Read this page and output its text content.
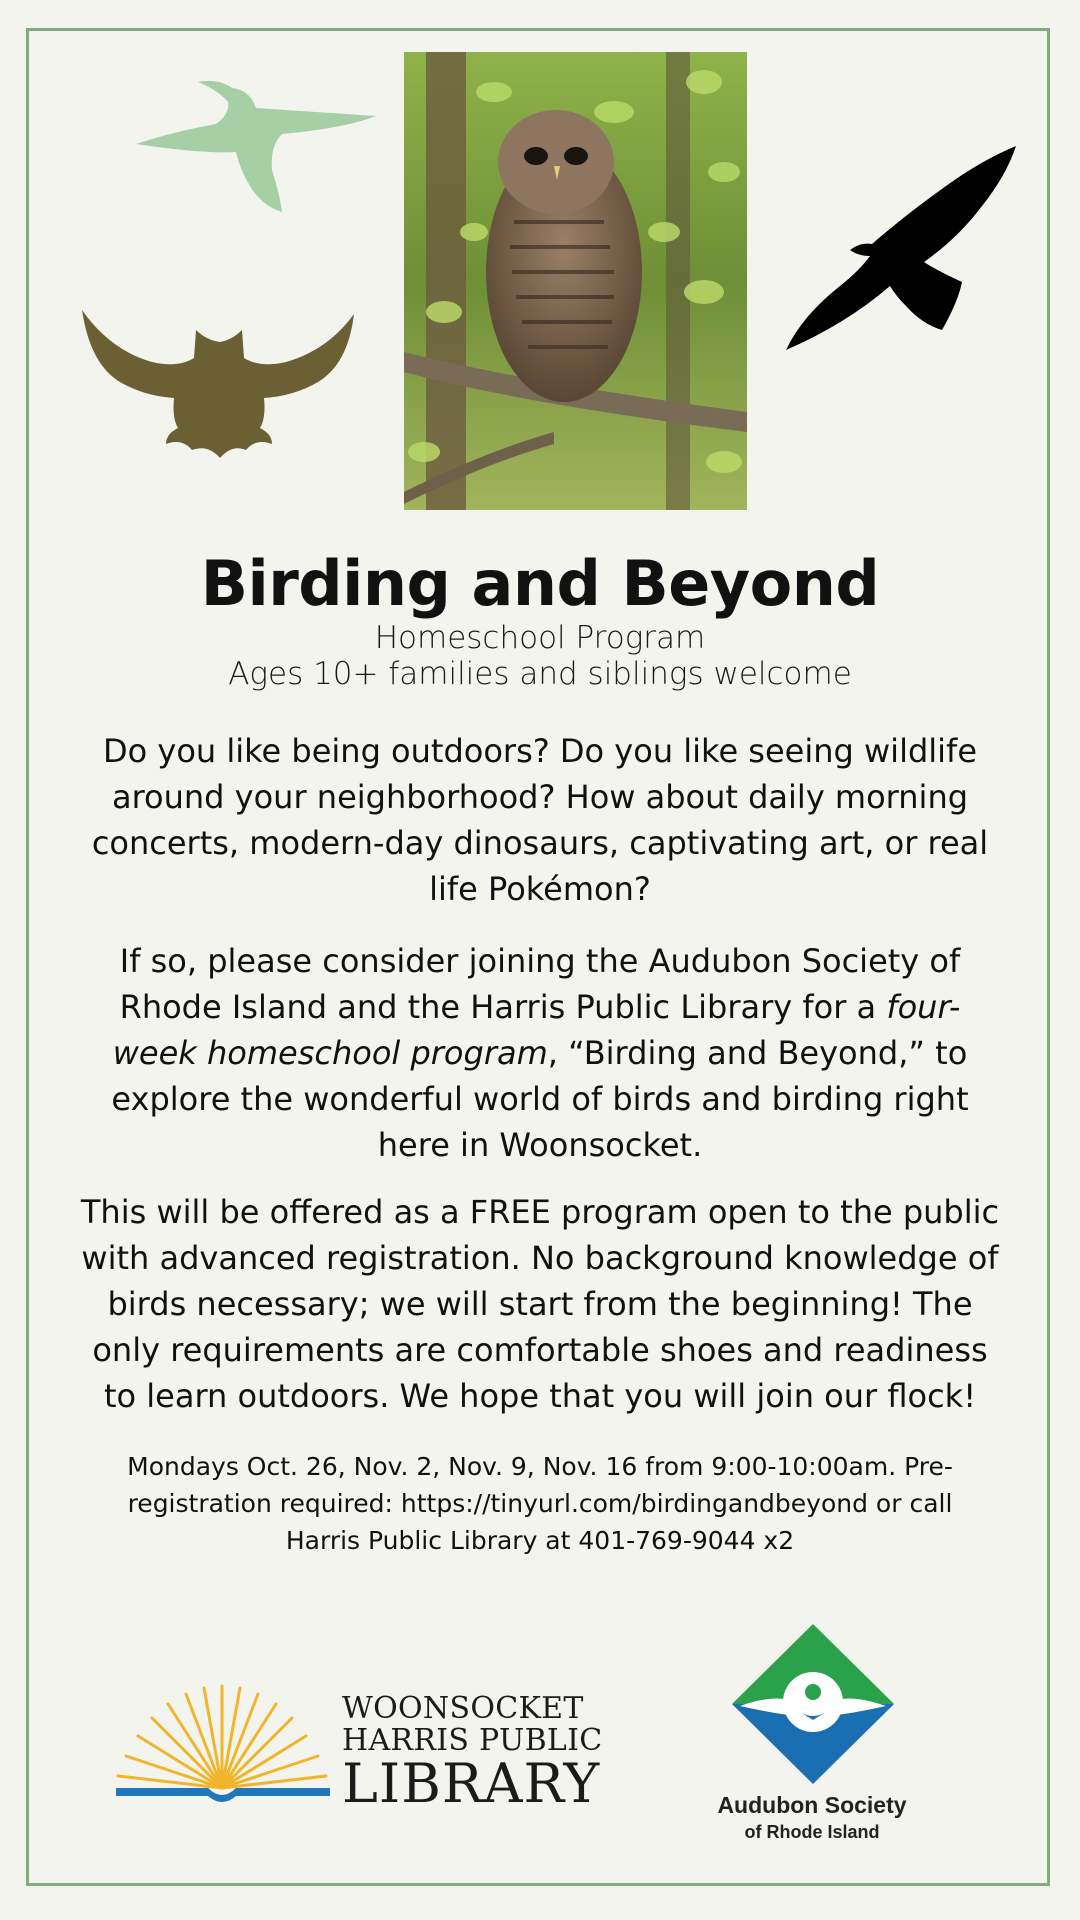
Birding and Beyond
Homeschool Program
Ages 10+ families and siblings welcome

Do you like being outdoors? Do you like seeing wildlife around your neighborhood? How about daily morning concerts, modern-day dinosaurs, captivating art, or real life Pokémon?

If so, please consider joining the Audubon Society of Rhode Island and the Harris Public Library for a four-week homeschool program, “Birding and Beyond,” to explore the wonderful world of birds and birding right here in Woonsocket.

This will be offered as a FREE program open to the public with advanced registration. No background knowledge of birds necessary; we will start from the beginning! The only requirements are comfortable shoes and readiness to learn outdoors. We hope that you will join our flock!

Mondays Oct. 26, Nov. 2, Nov. 9, Nov. 16 from 9:00-10:00am. Pre-registration required: https://tinyurl.com/birdingandbeyond or call Harris Public Library at 401-769-9044 x2
WOONSOCKET
HARRIS PUBLIC
LIBRARY	Audubon Society
of Rhode Island
